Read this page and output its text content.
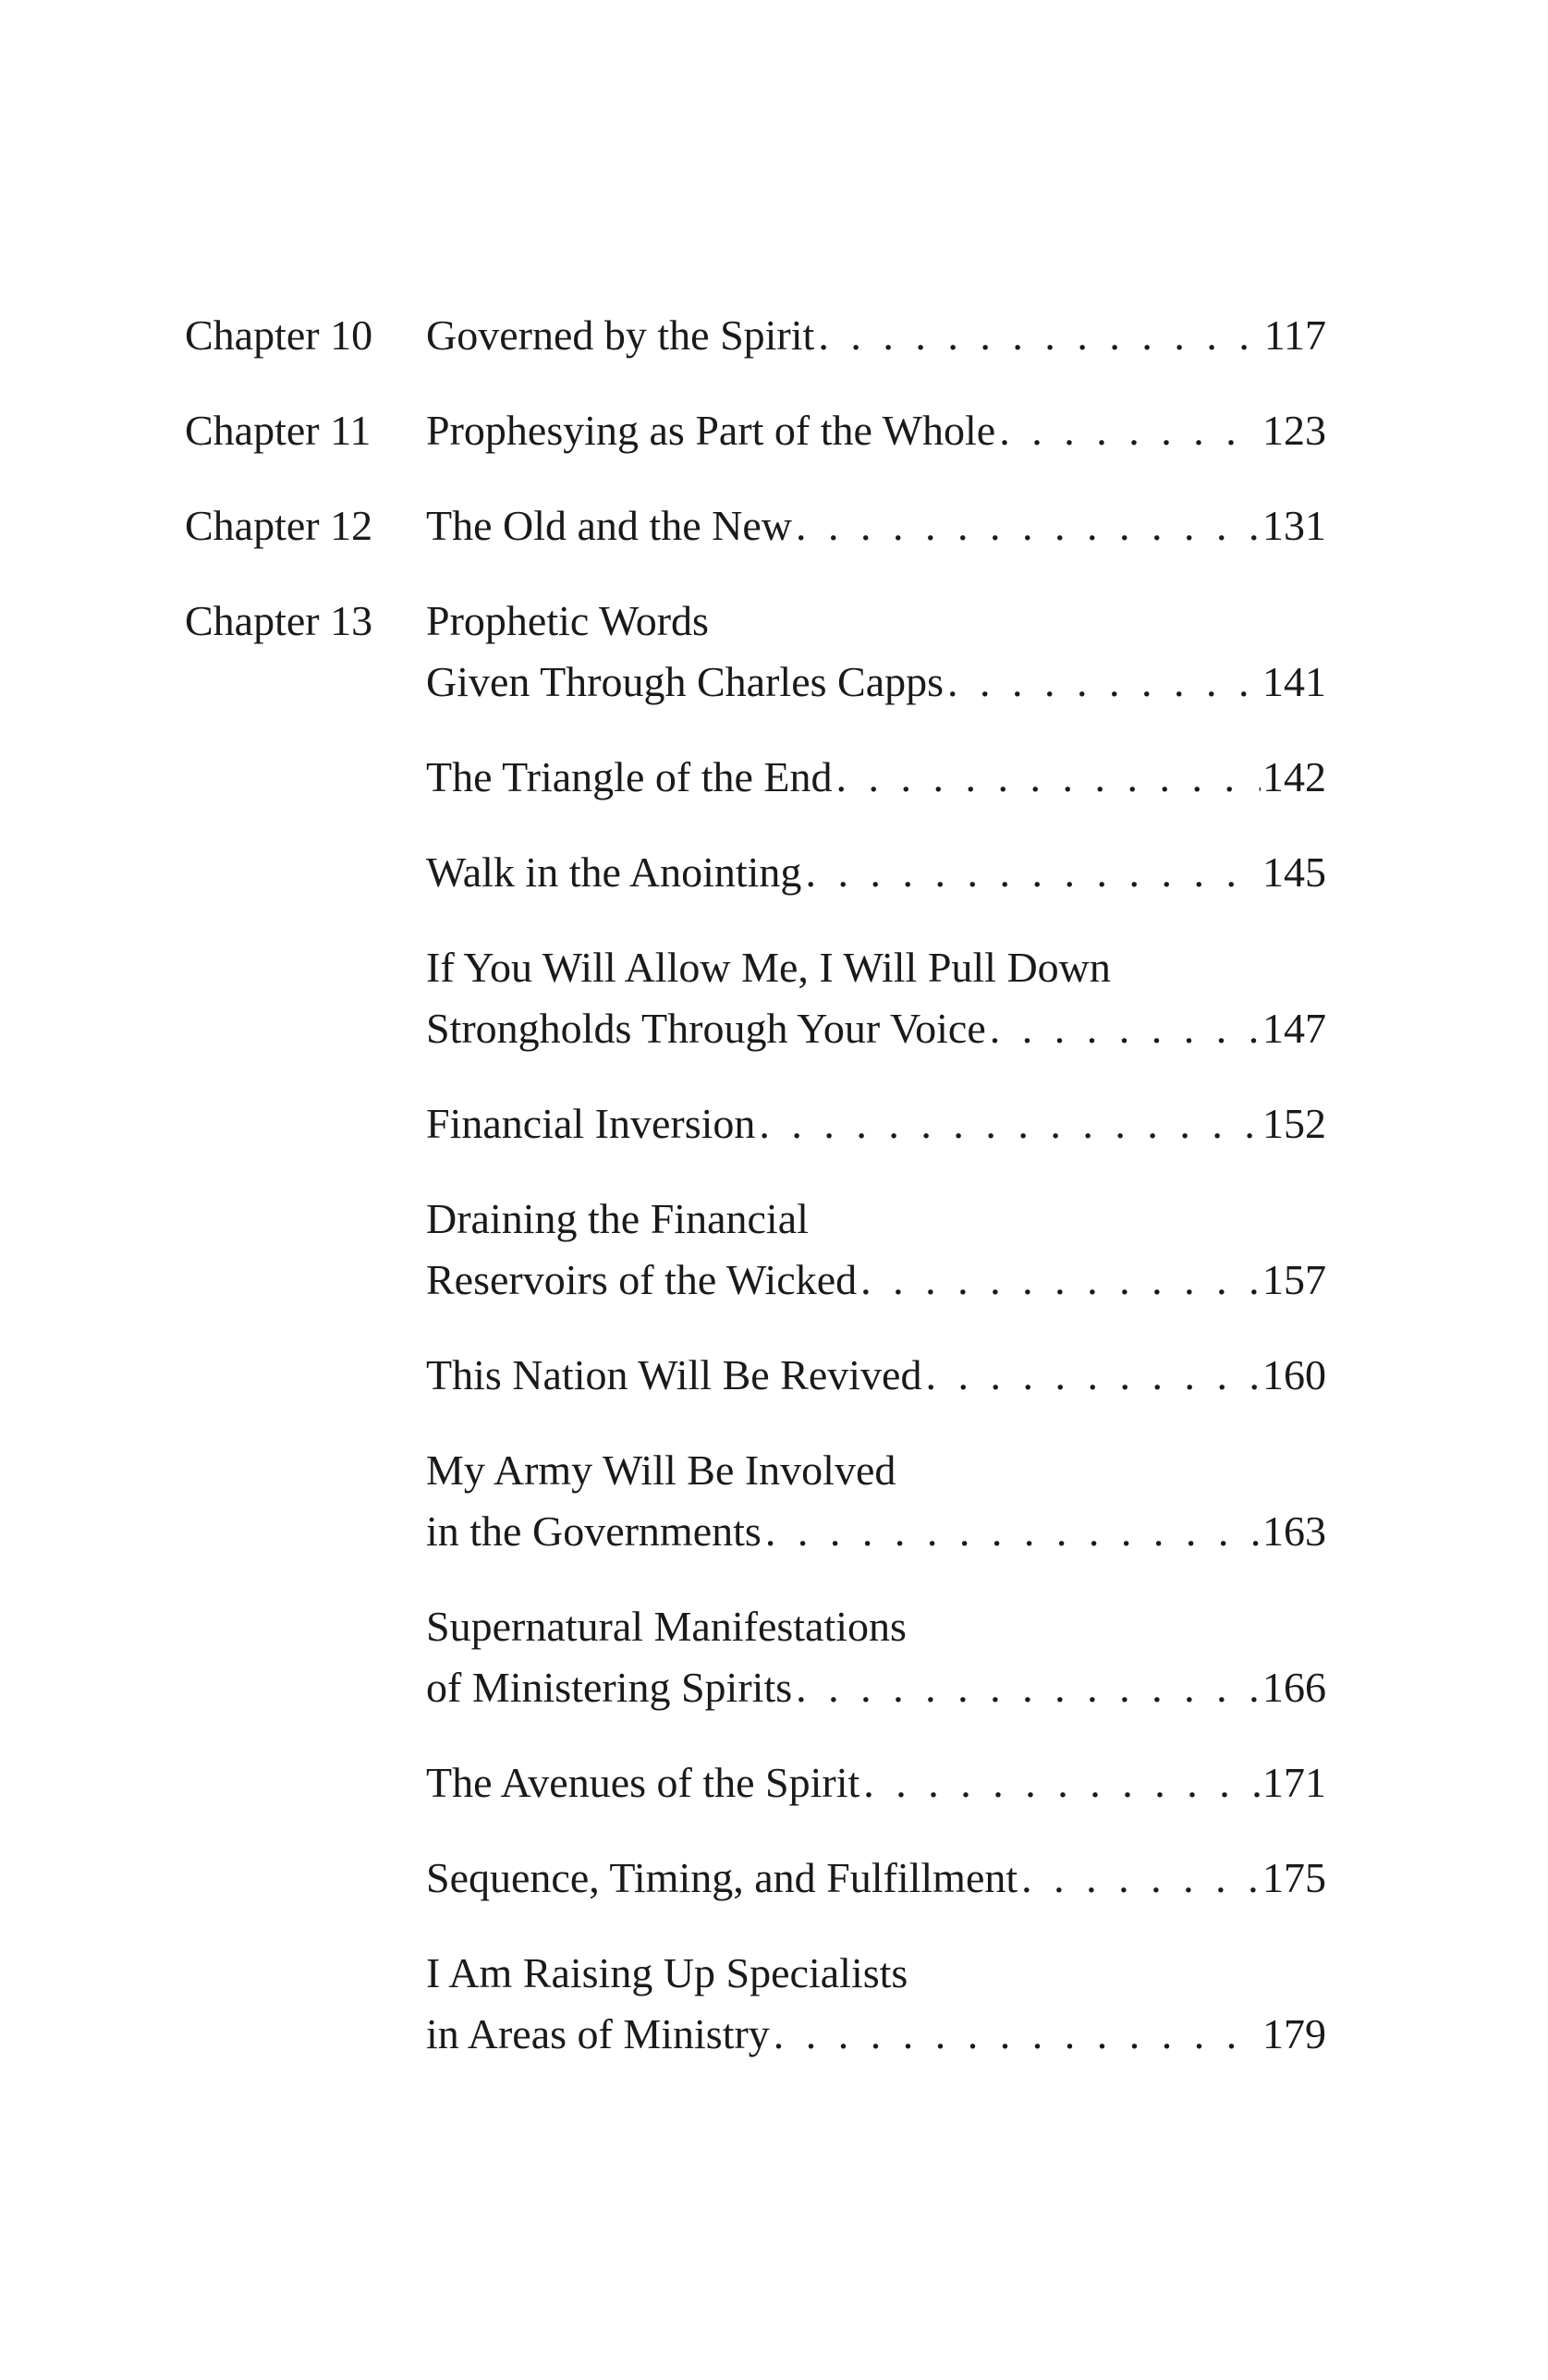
Chapter 10	Governed by the Spirit . . .	117
Chapter 11	Prophesying as Part of the Whole . . .	123
Chapter 12	The Old and the New . . .	131
Chapter 13	Prophetic Words
Given Through Charles Capps . . .	141
The Triangle of the End . . .	142
Walk in the Anointing . . .	145
If You Will Allow Me, I Will Pull Down
Strongholds Through Your Voice . . .	147
Financial Inversion . . .	152
Draining the Financial
Reservoirs of the Wicked . . .	157
This Nation Will Be Revived . . .	160
My Army Will Be Involved
in the Governments . . .	163
Supernatural Manifestations
of Ministering Spirits . . .	166
The Avenues of the Spirit . . .	171
Sequence, Timing, and Fulfillment . . .	175
I Am Raising Up Specialists
in Areas of Ministry . . .	179
